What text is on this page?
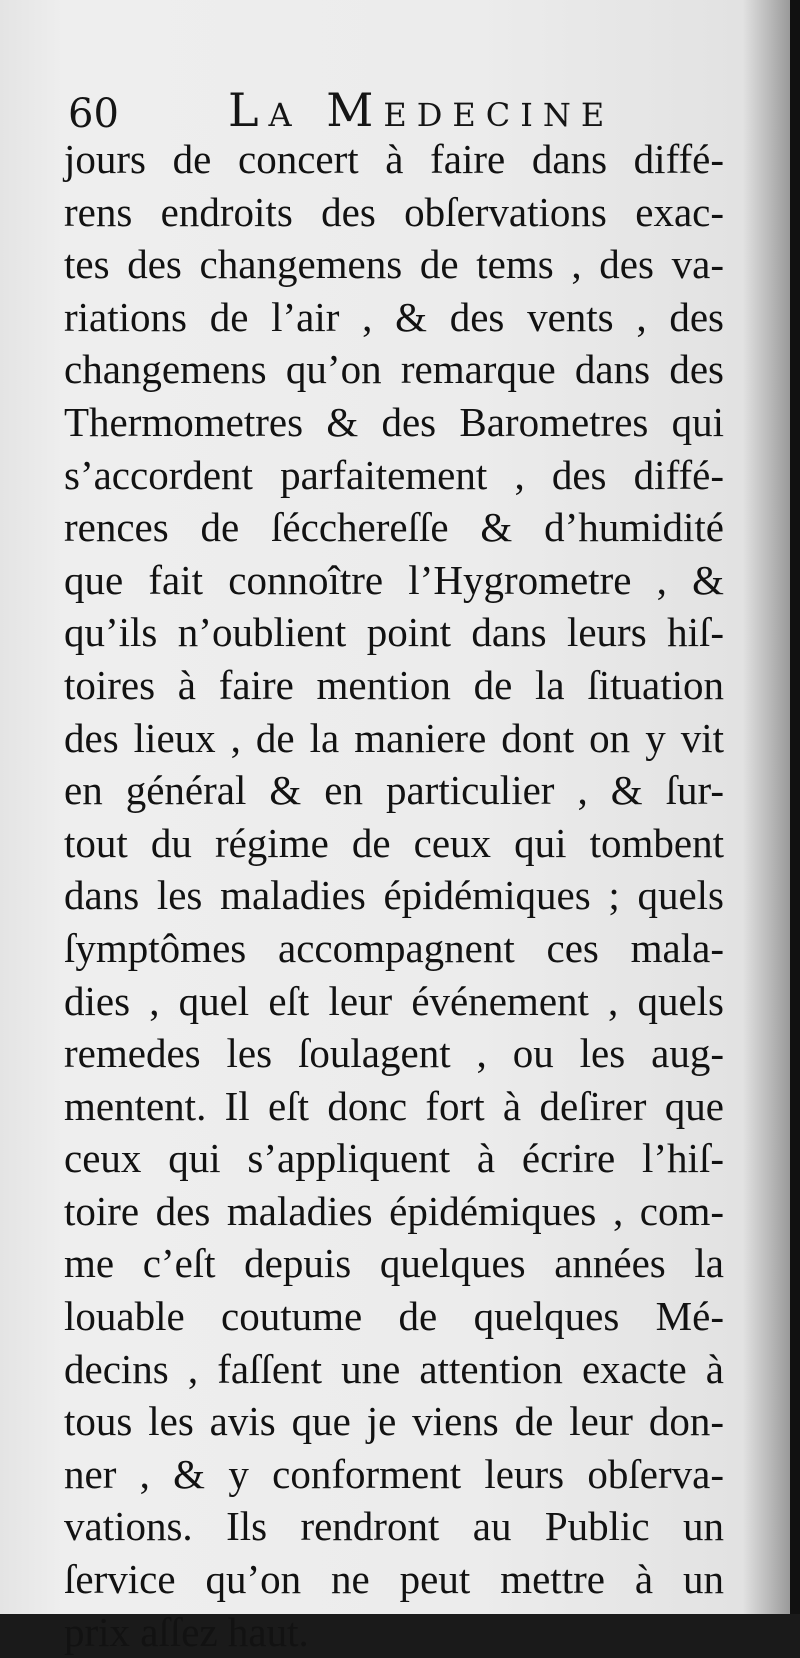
60 La Medecine
jours de concert à faire dans diffé-
rens endroits des obſervations exac-
tes des changemens de tems , des va-
riations de l’air , & des vents , des
changemens qu’on remarque dans des
Thermometres & des Barometres qui
s’accordent parfaitement , des diffé-
rences de ſécchereſſe & d’humidité
que fait connoître l’Hygrometre , &
qu’ils n’oublient point dans leurs hiſ-
toires à faire mention de la ſituation
des lieux , de la maniere dont on y vit
en général & en particulier , & ſur-
tout du régime de ceux qui tombent
dans les maladies épidémiques ; quels
ſymptômes accompagnent ces mala-
dies , quel eſt leur événement , quels
remedes les ſoulagent , ou les aug-
mentent. Il eſt donc fort à deſirer que
ceux qui s’appliquent à écrire l’hiſ-
toire des maladies épidémiques , com-
me c’eſt depuis quelques années la
louable coutume de quelques Mé-
decins , faſſent une attention exacte à
tous les avis que je viens de leur don-
ner , & y conforment leurs obſerva-
vations. Ils rendront au Public un
ſervice qu’on ne peut mettre à un
prix aſſez haut.
